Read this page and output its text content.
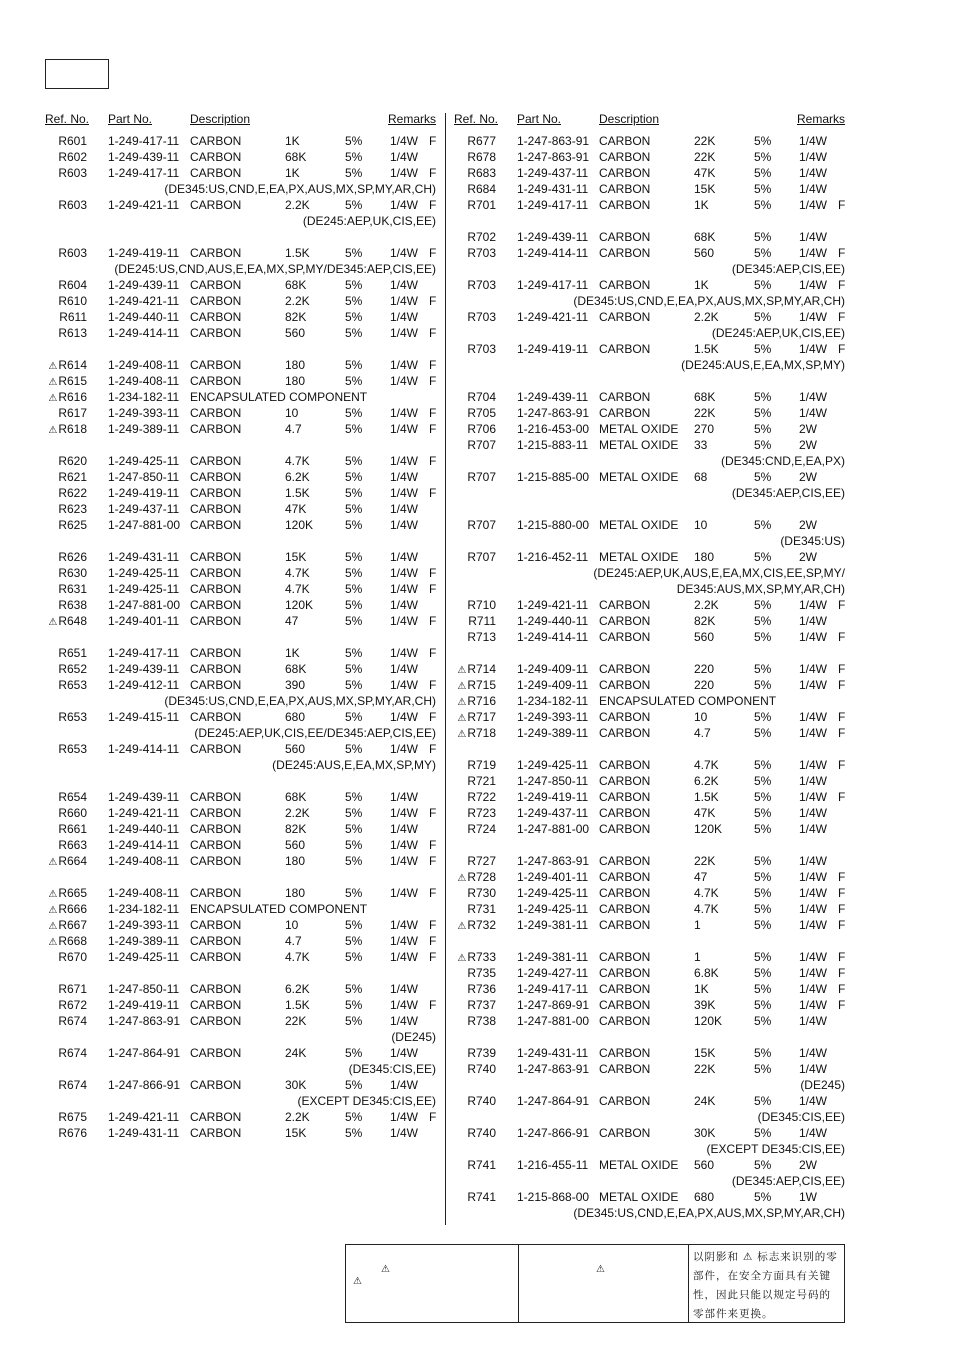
Ref. No. Part No.	Description	Remarks
R601 1-249-417-11 CARBON	1K	5% 1/4W F
R602 1-249-439-11 CARBON	68K	5% 1/4W
R603 1-249-417-11 CARBON	1K	5% 1/4W F
(DE345:US,CND,E,EA,PX,AUS,MX,SP,MY,AR,CH)
R603 1-249-421-11 CARBON	2.2K	5% 1/4W F
(DE245:AEP,UK,CIS,EE)
R603 1-249-419-11 CARBON	1.5K	5% 1/4W F
(DE245:US,CND,AUS,E,EA,MX,SP,MY/DE345:AEP,CIS,EE)
R604 1-249-439-11 CARBON	68K	5% 1/4W
R610 1-249-421-11 CARBON	2.2K	5% 1/4W F
R611 1-249-440-11 CARBON	82K	5% 1/4W
R613 1-249-414-11 CARBON	560	5% 1/4W F
⚠R614 1-249-408-11 CARBON	180	5% 1/4W F
⚠R615 1-249-408-11 CARBON	180	5% 1/4W F
⚠R616 1-234-182-11 ENCAPSULATED COMPONENT
R617 1-249-393-11 CARBON	10	5% 1/4W F
⚠R618 1-249-389-11 CARBON	4.7	5% 1/4W F
R620 1-249-425-11 CARBON	4.7K	5% 1/4W F
R621 1-247-850-11 CARBON	6.2K	5% 1/4W
R622 1-249-419-11 CARBON	1.5K	5% 1/4W F
R623 1-249-437-11 CARBON	47K	5% 1/4W
R625 1-247-881-00 CARBON	120K	5% 1/4W
R626 1-249-431-11 CARBON	15K	5% 1/4W
R630 1-249-425-11 CARBON	4.7K	5% 1/4W F
R631 1-249-425-11 CARBON	4.7K	5% 1/4W F
R638 1-247-881-00 CARBON	120K	5% 1/4W
⚠R648 1-249-401-11 CARBON	47	5% 1/4W F
R651 1-249-417-11 CARBON	1K	5% 1/4W F
R652 1-249-439-11 CARBON	68K	5% 1/4W
R653 1-249-412-11 CARBON	390	5% 1/4W F
(DE345:US,CND,E,EA,PX,AUS,MX,SP,MY,AR,CH)
R653 1-249-415-11 CARBON	680	5% 1/4W F
(DE245:AEP,UK,CIS,EE/DE345:AEP,CIS,EE)
R653 1-249-414-11 CARBON	560	5% 1/4W F
(DE245:AUS,E,EA,MX,SP,MY)
R654 1-249-439-11 CARBON	68K	5% 1/4W
R660 1-249-421-11 CARBON	2.2K	5% 1/4W F
R661 1-249-440-11 CARBON	82K	5% 1/4W
R663 1-249-414-11 CARBON	560	5% 1/4W F
⚠R664 1-249-408-11 CARBON	180	5% 1/4W F
⚠R665 1-249-408-11 CARBON	180	5% 1/4W F
⚠R666 1-234-182-11 ENCAPSULATED COMPONENT
⚠R667 1-249-393-11 CARBON	10	5% 1/4W F
⚠R668 1-249-389-11 CARBON	4.7	5% 1/4W F
R670 1-249-425-11 CARBON	4.7K	5% 1/4W F
R671 1-247-850-11 CARBON	6.2K	5% 1/4W
R672 1-249-419-11 CARBON	1.5K	5% 1/4W F
R674 1-247-863-91 CARBON	22K	5% 1/4W
(DE245)
R674 1-247-864-91 CARBON	24K	5% 1/4W
(DE345:CIS,EE)
R674 1-247-866-91 CARBON	30K	5% 1/4W
(EXCEPT DE345:CIS,EE)
R675 1-249-421-11 CARBON	2.2K	5% 1/4W F
R676 1-249-431-11 CARBON	15K	5% 1/4W
Ref. No. Part No.	Description	Remarks
R677 1-247-863-91 CARBON	22K	5% 1/4W
R678 1-247-863-91 CARBON	22K	5% 1/4W
R683 1-249-437-11 CARBON	47K	5% 1/4W
R684 1-249-431-11 CARBON	15K	5% 1/4W
R701 1-249-417-11 CARBON	1K	5% 1/4W F
R702 1-249-439-11 CARBON	68K	5% 1/4W
R703 1-249-414-11 CARBON	560	5% 1/4W F
(DE345:AEP,CIS,EE)
R703 1-249-417-11 CARBON	1K	5% 1/4W F
(DE345:US,CND,E,EA,PX,AUS,MX,SP,MY,AR,CH)
R703 1-249-421-11 CARBON	2.2K	5% 1/4W F
(DE245:AEP,UK,CIS,EE)
R703 1-249-419-11 CARBON	1.5K	5% 1/4W F
(DE245:AUS,E,EA,MX,SP,MY)
R704 1-249-439-11 CARBON	68K	5% 1/4W
R705 1-247-863-91 CARBON	22K	5% 1/4W
R706 1-216-453-00 METAL OXIDE 270	5% 2W
R707 1-215-883-11 METAL OXIDE 33	5% 2W
(DE345:CND,E,EA,PX)
R707 1-215-885-00 METAL OXIDE 68	5% 2W
(DE345:AEP,CIS,EE)
R707 1-215-880-00 METAL OXIDE 10	5% 2W
(DE345:US)
R707 1-216-452-11 METAL OXIDE 180	5% 2W
(DE245:AEP,UK,AUS,E,EA,MX,CIS,EE,SP,MY/
DE345:AUS,MX,SP,MY,AR,CH)
R710 1-249-421-11 CARBON	2.2K	5% 1/4W F
R711 1-249-440-11 CARBON	82K	5% 1/4W
R713 1-249-414-11 CARBON	560	5% 1/4W F
⚠R714 1-249-409-11 CARBON	220	5% 1/4W F
⚠R715 1-249-409-11 CARBON	220	5% 1/4W F
⚠R716 1-234-182-11 ENCAPSULATED COMPONENT
⚠R717 1-249-393-11 CARBON	10	5% 1/4W F
⚠R718 1-249-389-11 CARBON	4.7	5% 1/4W F
R719 1-249-425-11 CARBON	4.7K	5% 1/4W F
R721 1-247-850-11 CARBON	6.2K	5% 1/4W
R722 1-249-419-11 CARBON	1.5K	5% 1/4W F
R723 1-249-437-11 CARBON	47K	5% 1/4W
R724 1-247-881-00 CARBON	120K	5% 1/4W
R727 1-247-863-91 CARBON	22K	5% 1/4W
⚠R728 1-249-401-11 CARBON	47	5% 1/4W F
R730 1-249-425-11 CARBON	4.7K	5% 1/4W F
R731 1-249-425-11 CARBON	4.7K	5% 1/4W F
⚠R732 1-249-381-11 CARBON	1	5% 1/4W F
⚠R733 1-249-381-11 CARBON	1	5% 1/4W F
R735 1-249-427-11 CARBON	6.8K	5% 1/4W F
R736 1-249-417-11 CARBON	1K	5% 1/4W F
R737 1-247-869-91 CARBON	39K	5% 1/4W F
R738 1-247-881-00 CARBON	120K	5% 1/4W
R739 1-249-431-11 CARBON	15K	5% 1/4W
R740 1-247-863-91 CARBON	22K	5% 1/4W
(DE245)
R740 1-247-864-91 CARBON	24K	5% 1/4W
(DE345:CIS,EE)
R740 1-247-866-91 CARBON	30K	5% 1/4W
(EXCEPT DE345:CIS,EE)
R741 1-216-455-11 METAL OXIDE 560	5% 2W
(DE345:AEP,CIS,EE)
R741 1-215-868-00 METAL OXIDE 680	5% 1W
(DE345:US,CND,E,EA,PX,AUS,MX,SP,MY,AR,CH)
⚠
⚠
⚠
以阴影和 ⚠ 标志来识别的零部件，在安全方面具有关键性，因此只能以规定号码的零部件来更换。
